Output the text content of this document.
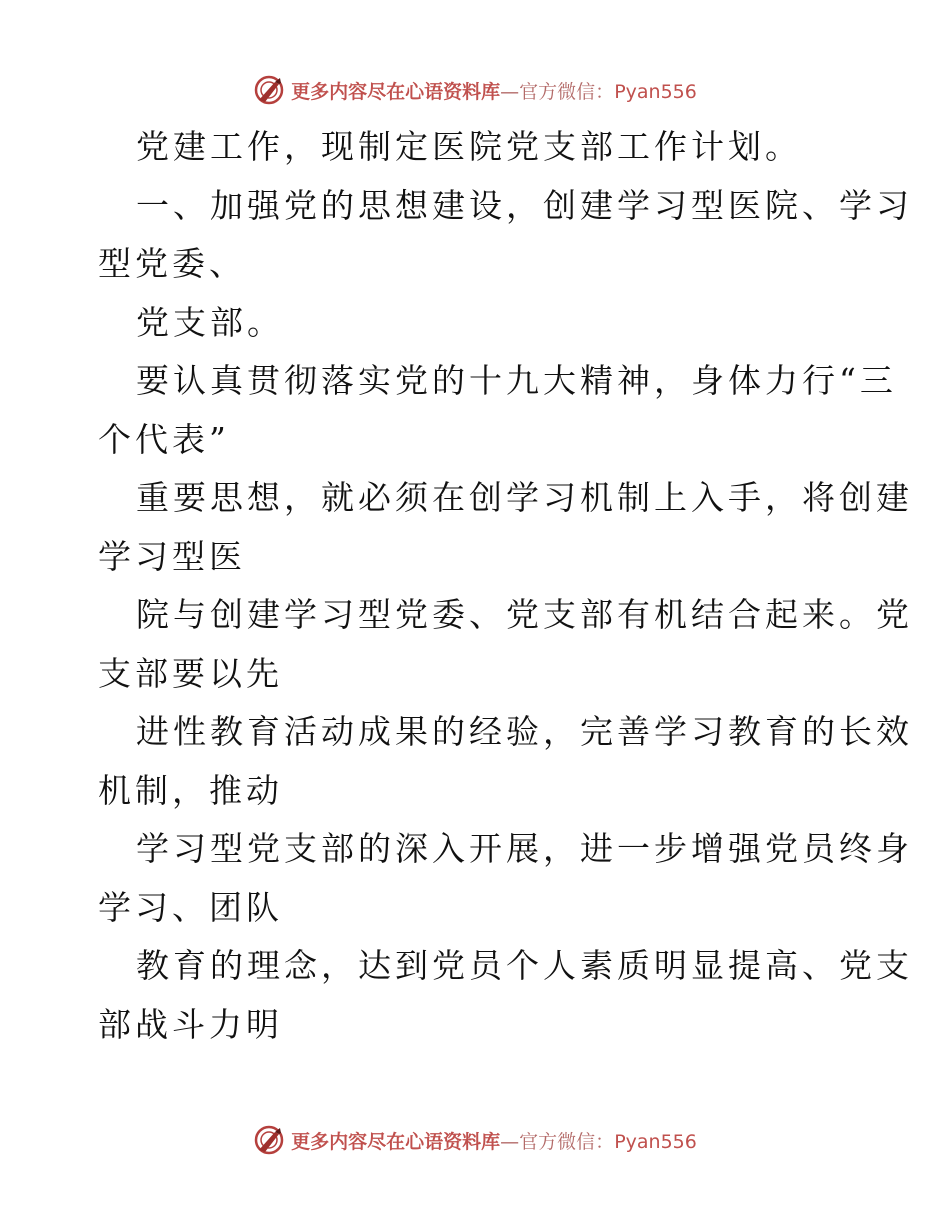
更多内容尽在心语资料库—官方微信：Pyan556
党建工作，现制定医院党支部工作计划。
一、加强党的思想建设，创建学习型医院、学习
型党委、
党支部。
要认真贯彻落实党的十九大精神，身体力行“三
个代表”
重要思想，就必须在创学习机制上入手，将创建
学习型医
院与创建学习型党委、党支部有机结合起来。党
支部要以先
进性教育活动成果的经验，完善学习教育的长效
机制，推动
学习型党支部的深入开展，进一步增强党员终身
学习、团队
教育的理念，达到党员个人素质明显提高、党支
部战斗力明
更多内容尽在心语资料库—官方微信：Pyan556
